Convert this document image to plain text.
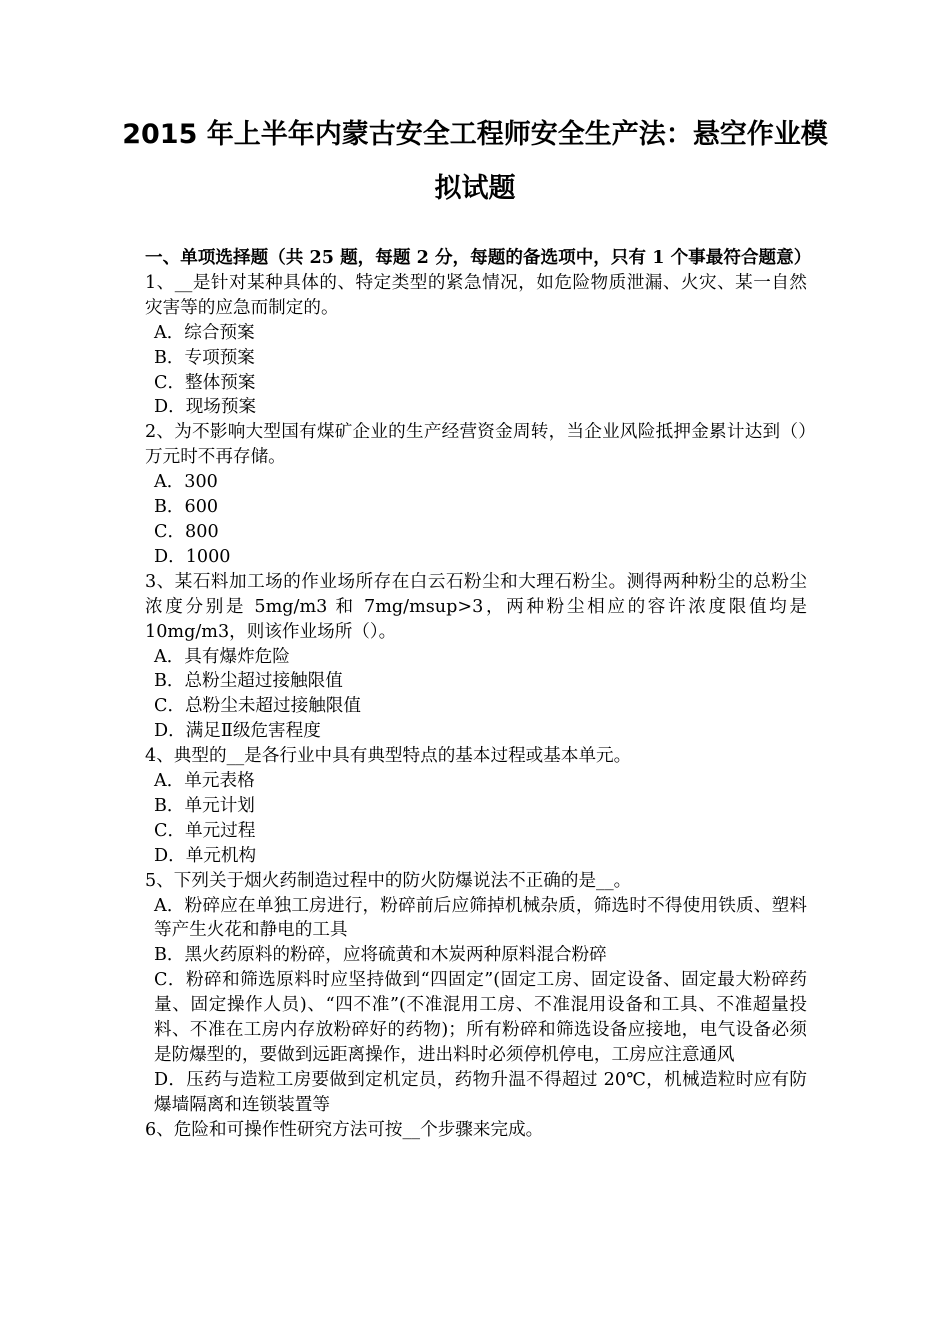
2015 年上半年内蒙古安全工程师安全生产法：悬空作业模
拟试题

一、单项选择题（共 25 题，每题 2 分，每题的备选项中，只有 1 个事最符合题意）

1、__是针对某种具体的、特定类型的紧急情况，如危险物质泄漏、火灾、某一自然灾害等的应急而制定的。

A．综合预案

B．专项预案

C．整体预案

D．现场预案

2、为不影响大型国有煤矿企业的生产经营资金周转，当企业风险抵押金累计达到（）万元时不再存储。

A．300

B．600

C．800

D．1000

3、某石料加工场的作业场所存在白云石粉尘和大理石粉尘。测得两种粉尘的总粉尘浓度分别是 5mg/m3 和 7mg/msup>3，两种粉尘相应的容许浓度限值均是10mg/m3，则该作业场所（）。

A．具有爆炸危险

B．总粉尘超过接触限值

C．总粉尘未超过接触限值

D．满足Ⅱ级危害程度

4、典型的__是各行业中具有典型特点的基本过程或基本单元。

A．单元表格

B．单元计划

C．单元过程

D．单元机构

5、下列关于烟火药制造过程中的防火防爆说法不正确的是__。

A．粉碎应在单独工房进行，粉碎前后应筛掉机械杂质，筛选时不得使用铁质、塑料等产生火花和静电的工具

B．黑火药原料的粉碎，应将硫黄和木炭两种原料混合粉碎

C．粉碎和筛选原料时应坚持做到“四固定”(固定工房、固定设备、固定最大粉碎药量、固定操作人员)、“四不准”(不准混用工房、不准混用设备和工具、不准超量投料、不准在工房内存放粉碎好的药物)；所有粉碎和筛选设备应接地，电气设备必须是防爆型的，要做到远距离操作，进出料时必须停机停电，工房应注意通风

D．压药与造粒工房要做到定机定员，药物升温不得超过 20℃，机械造粒时应有防爆墙隔离和连锁装置等

6、危险和可操作性研究方法可按__个步骤来完成。
